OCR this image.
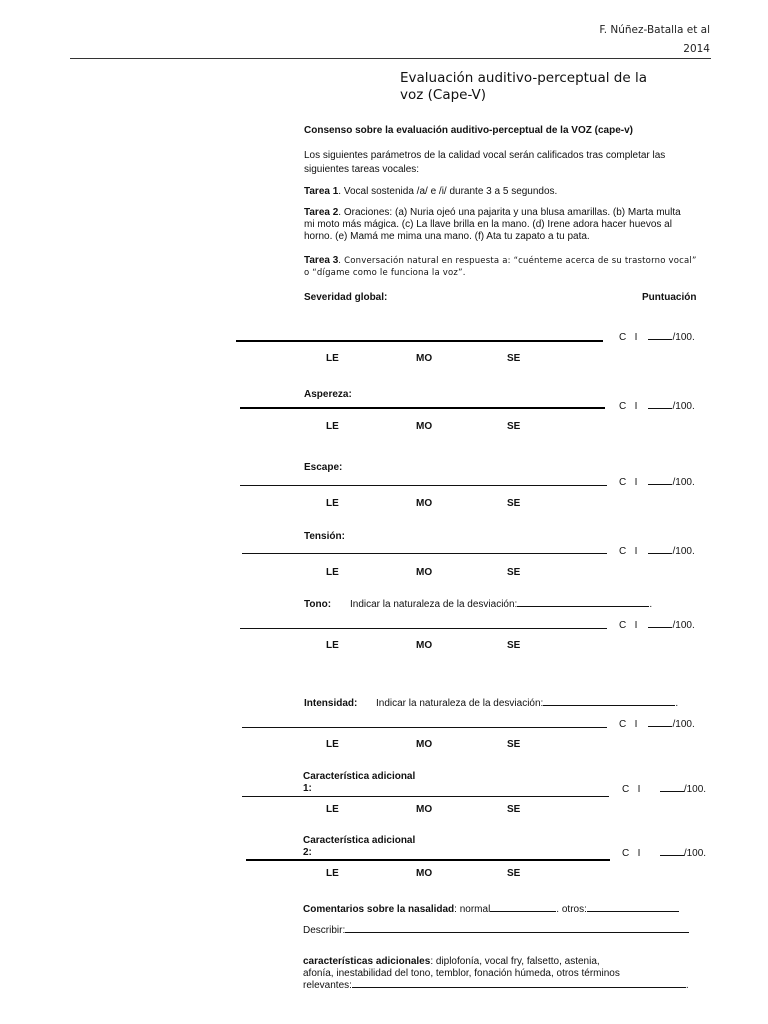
F. Núñez-Batalla et al
2014
Evaluación auditivo-perceptual de la voz (Cape-V)
Consenso sobre la evaluación auditivo-perceptual de la VOZ (cape-v)
Los siguientes parámetros de la calidad vocal serán calificados tras completar las
siguientes tareas vocales:
Tarea 1. Vocal sostenida /a/ e /i/ durante 3 a 5 segundos.
Tarea 2. Oraciones: (a) Nuria ojeó una pajarita y una blusa amarillas. (b) Marta multa
mi moto más mágica. (c) La llave brilla en la mano. (d) Irene adora hacer huevos al
horno. (e) Mamá me mima una mano. (f) Ata tu zapato a tu pata.
Tarea 3. Conversación natural en respuesta a: “cuénteme acerca de su trastorno vocal”
o “dígame como le funciona la voz”.
Severidad global:	Puntuación
C I	/100.
LE	MO	SE
Aspereza:
C I	/100.
LE	MO	SE
Escape:
C I	/100.
LE	MO	SE
Tensión:
C I	/100.
LE	MO	SE
Tono: Indicar la naturaleza de la desviación:	.
C I	/100.
LE	MO	SE
Intensidad: Indicar la naturaleza de la desviación:	.
C I	/100.
LE	MO	SE
Característica adicional
1:	C I	/100.
LE	MO	SE
Característica adicional
2:	C I	/100.
LE	MO	SE
Comentarios sobre la nasalidad: normal	. otros:
Describir:
características adicionales: diplofonía, vocal fry, falsetto, astenia,
afonía, inestabilidad del tono, temblor, fonación húmeda, otros términos
relevantes:	.
